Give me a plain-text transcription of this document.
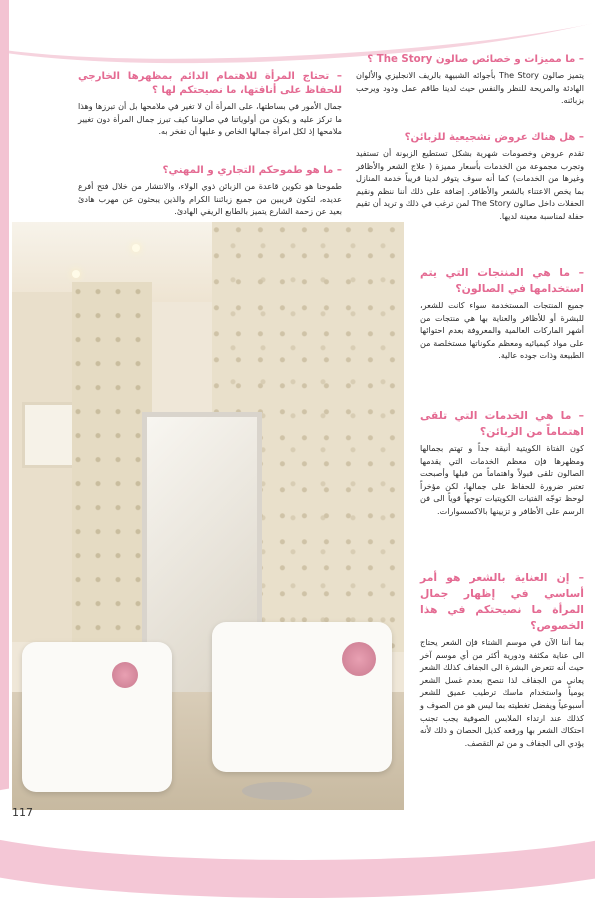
– ما مميزات و خصائص صالون The Story ؟

يتميز صالون The Story بأجوائه الشبيهة بالريف الانجليزي والألوان الهادئة والمريحة للنظر والنفس حيث لدينا طاقم عمل ودود ويرحب بزبائنه.

– هل هناك عروض تشجيعية للزبائن؟

تقدم عروض وخصومات شهرية بشكل تستطيع الزبونة أن تستفيد وتجرب مجموعة من الخدمات بأسعار مميزة ( علاج الشعر والأظافر وغيرها من الخدمات) كما أنه سوف يتوفر لدينا قريباً خدمة المنازل بما يخص الاعتناء بالشعر والأظافر. إضافة على ذلك أننا ننظم ونقيم الحفلات داخل صالون The Story لمن ترغب في ذلك و تريد أن تقيم حفلة لمناسبة معينة لديها.

– تحتاج المرأة للاهتمام الدائم بمظهرها الخارجي للحفاظ على أناقتها، ما نصيحتكم لها ؟

جمال الأمور في بساطتها، على المرأة أن لا تغير في ملامحها بل أن تبرزها وهذا ما تركز عليه و يكون من أولوياتنا في صالوننا كيف تبرز جمال المرأة دون تغيير ملامحها إذ لكل امرأة جمالها الخاص و عليها أن تفخر به.

– ما هو طموحكم التجاري و المهني؟

طموحنا هو تكوين قاعدة من الزبائن ذوي الولاء، والانتشار من خلال فتح أفرع عديده، لتكون قريبين من جميع زبائننا الكرام والذين يبحثون عن مهرب هادئ بعيد عن زحمة الشارع يتميز بالطابع الريفي الهادئ.

– ما هي المنتجات التي يتم استخدامها في الصالون؟

جميع المنتجات المستخدمة سواء كانت للشعر، للبشرة أو للأظافر والعناية بها هي منتجات من أشهر الماركات العالمية والمعروفة بعدم احتوائها على مواد كيميائيه ومعظم مكوناتها مستخلصة من الطبيعة وذات جوده عالية.

– ما هي الخدمات التي تلقى اهتماماً من الزبائن؟

كون الفتاة الكويتية أنيقة جداً و تهتم بجمالها ومظهرها فإن معظم الخدمات التي يقدمها الصالون تلقى قبولاً واهتماماً من قبلها وأصبحت تعتبر ضرورة للحفاظ على جمالها، لكن مؤخراً لوحظ توجّه الفتيات الكويتيات توجهاً قوياً الى فن الرسم على الأظافر و تزيينها بالاكسسوارات.

– إن العناية بالشعر هو أمر أساسي في إظهار جمال المرأة ما نصيحتكم في هذا الخصوص؟

بما أننا الآن في موسم الشتاء فإن الشعر يحتاج الى عناية مكثفة ودورية أكثر من أي موسم آخر حيث أنه تتعرض البشرة الى الجفاف كذلك الشعر يعاني من الجفاف لذا ننصح بعدم غسل الشعر يومياً واستخدام ماسك ترطيب عميق للشعر أسبوعياً ويفضل تغطيته بما ليس هو من الصوف و كذلك عند ارتداء الملابس الصوفية يجب تجنب احتكاك الشعر بها ورفعه كذيل الحصان و ذلك لأنه يؤدي الى الجفاف و من ثم التقصف.

117
